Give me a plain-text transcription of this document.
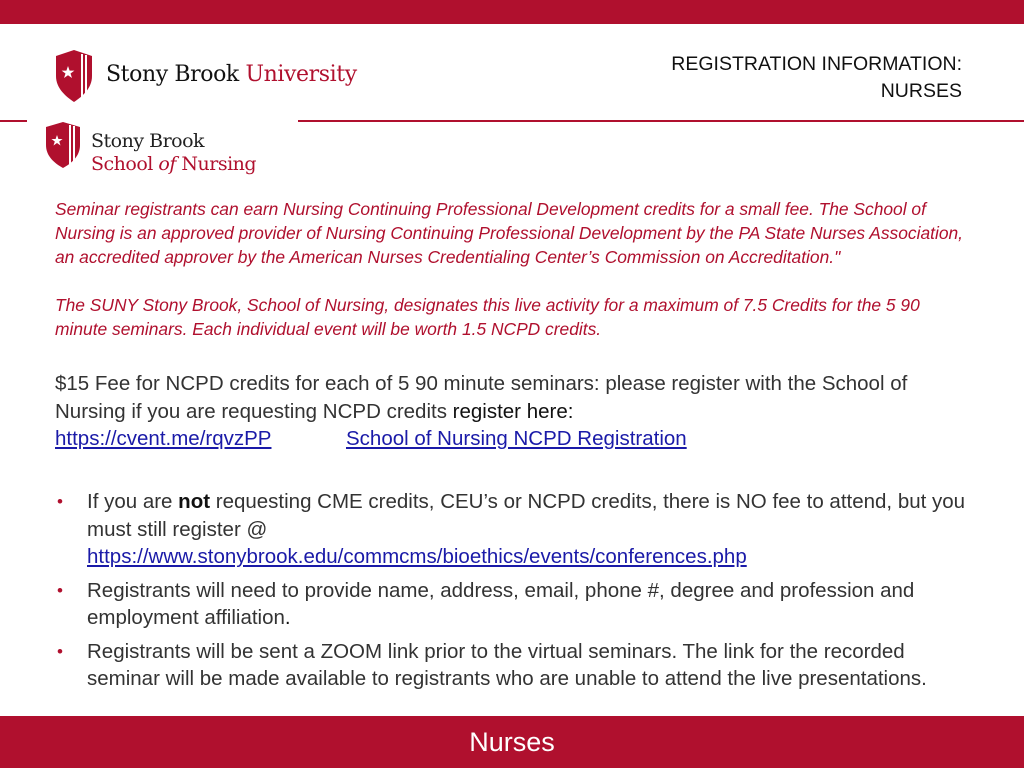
Stony Brook University	REGISTRATION INFORMATION:
NURSES
Stony Brook
School of Nursing

Seminar registrants can earn Nursing Continuing Professional Development credits for a small fee. The School of Nursing is an approved provider of Nursing Continuing Professional Development by the PA State Nurses Association, an accredited approver by the American Nurses Credentialing Center’s Commission on Accreditation."

The SUNY Stony Brook, School of Nursing, designates this live activity for a maximum of 7.5 Credits for the 5 90 minute seminars. Each individual event will be worth 1.5 NCPD credits.

$15 Fee for NCPD credits for each of 5 90 minute seminars: please register with the School of Nursing if you are requesting NCPD credits register here:
https://cvent.me/rqvzPP	School of Nursing NCPD Registration
• If you are not requesting CME credits, CEU’s or NCPD credits, there is NO fee to attend, but you must still register @
https://www.stonybrook.edu/commcms/bioethics/events/conferences.php
• Registrants will need to provide name, address, email, phone #, degree and profession and employment affiliation.
• Registrants will be sent a ZOOM link prior to the virtual seminars. The link for the recorded seminar will be made available to registrants who are unable to attend the live presentations.
Nurses
